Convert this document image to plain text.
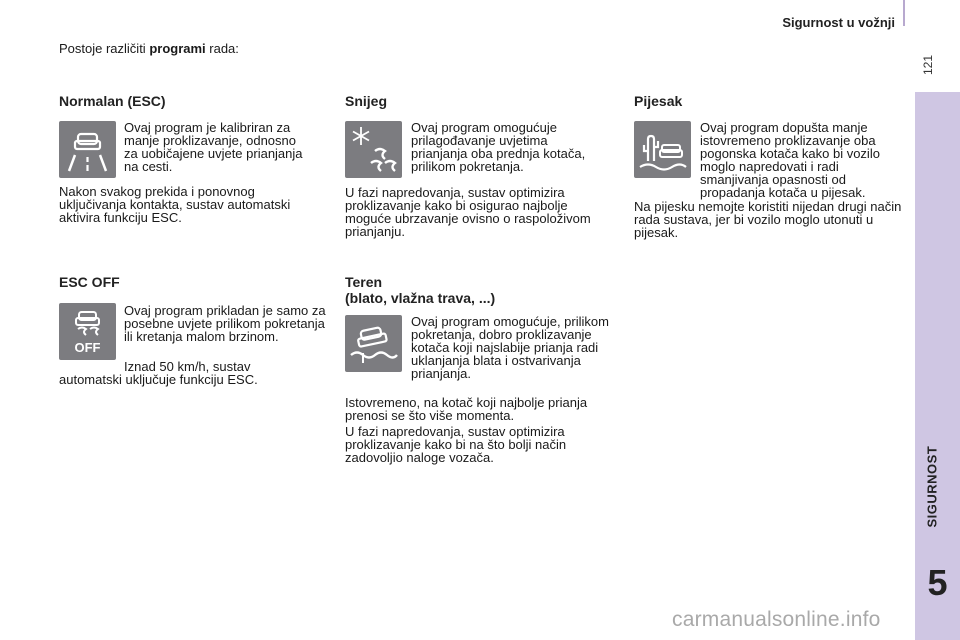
Sigurnost u vožnji
121
SIGURNOST
5
Postoje različiti programi rada:
Normalan (ESC)
Ovaj program je kalibriran za manje proklizavanje, odnosno za uobičajene uvjete prianjanja na cesti.
Nakon svakog prekida i ponovnog uključivanja kontakta, sustav automatski aktivira funkciju ESC.
ESC OFF
OFF
Ovaj program prikladan je samo za posebne uvjete prilikom pokretanja ili kretanja malom brzinom.
Iznad 50 km/h, sustav automatski uključuje funkciju ESC.
Snijeg
Ovaj program omogućuje prilagođavanje uvjetima prianjanja oba prednja kotača, prilikom pokretanja.
U fazi napredovanja, sustav optimizira proklizavanje kako bi osigurao najbolje moguće ubrzavanje ovisno o raspoloživom prianjanju.
Teren
(blato, vlažna trava, ...)
Ovaj program omogućuje, prilikom pokretanja, dobro proklizavanje kotača koji najslabije prianja radi uklanjanja blata i ostvarivanja prianjanja.
Istovremeno, na kotač koji najbolje prianja prenosi se što više momenta.
U fazi napredovanja, sustav optimizira proklizavanje kako bi na što bolji način zadovoljio naloge vozača.
Pijesak
Ovaj program dopušta manje istovremeno proklizavanje oba pogonska kotača kako bi vozilo moglo napredovati i radi smanjivanja opasnosti od propadanja kotača u pijesak.
Na pijesku nemojte koristiti nijedan drugi način rada sustava, jer bi vozilo moglo utonuti u pijesak.
carmanualsonline.info
